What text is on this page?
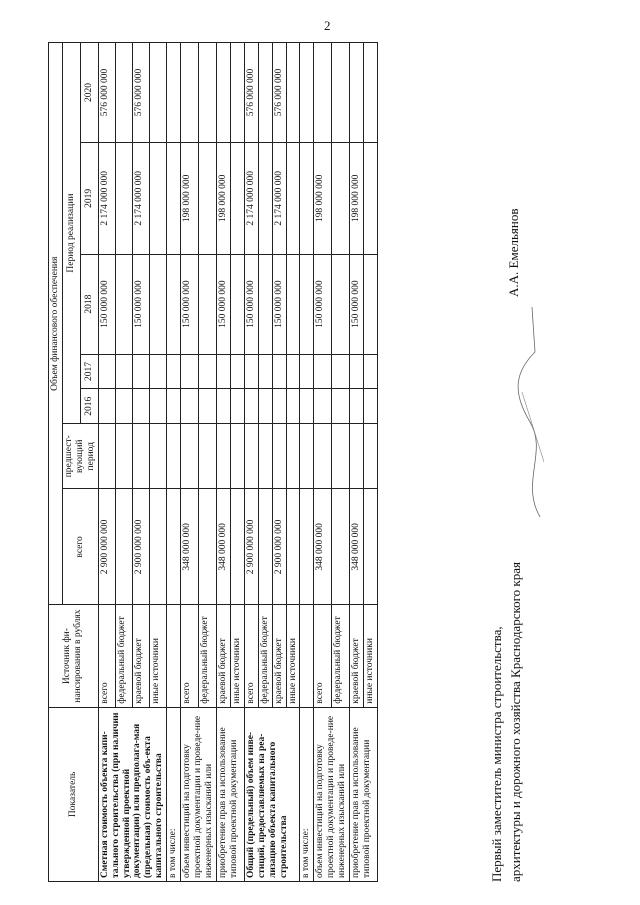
2
Показатель	Источник фи-нансирования в рублях	Объем финансового обеспечения						
		всего	предшест-вующий период	Период реализации				
				2016	2017	2018	2019	2020
Сметная стоимость объекта капи-тального строительства (при наличии утвержденной проектной документации) или предполага-мая (предельная) стоимость объ-екта капитального строительства	всего	2 900 000 000				150 000 000	2 174 000 000	576 000 000
	федеральный бюджет							
	краевой бюджет	2 900 000 000				150 000 000	2 174 000 000	576 000 000
	иные источники							
в том числе:								
объем инвестиций на подготовку проектной документации и проведе-ние инженерных изысканий или	всего	348 000 000				150 000 000	198 000 000	
	федеральный бюджет							
приобретение прав на использование типовой проектной документации	краевой бюджет	348 000 000				150 000 000	198 000 000	
	иные источники							
Общий (предельный) объем инве-стиций, предоставляемых на реа-лизацию объекта капитального строительства	всего	2 900 000 000				150 000 000	2 174 000 000	576 000 000
	федеральный бюджет							
	краевой бюджет	2 900 000 000				150 000 000	2 174 000 000	576 000 000
	иные источники							
в том числе:								
объем инвестиций на подготовку проектной документации и проведе-ние инженерных изысканий или	всего	348 000 000				150 000 000	198 000 000	
	федеральный бюджет							
приобретение прав на использование типовой проектной документации	краевой бюджет	348 000 000				150 000 000	198 000 000	
	иные источники								Первый заместитель министра строительства, архитектуры и дорожного хозяйства Краснодарского края
А.А. Емельянов
